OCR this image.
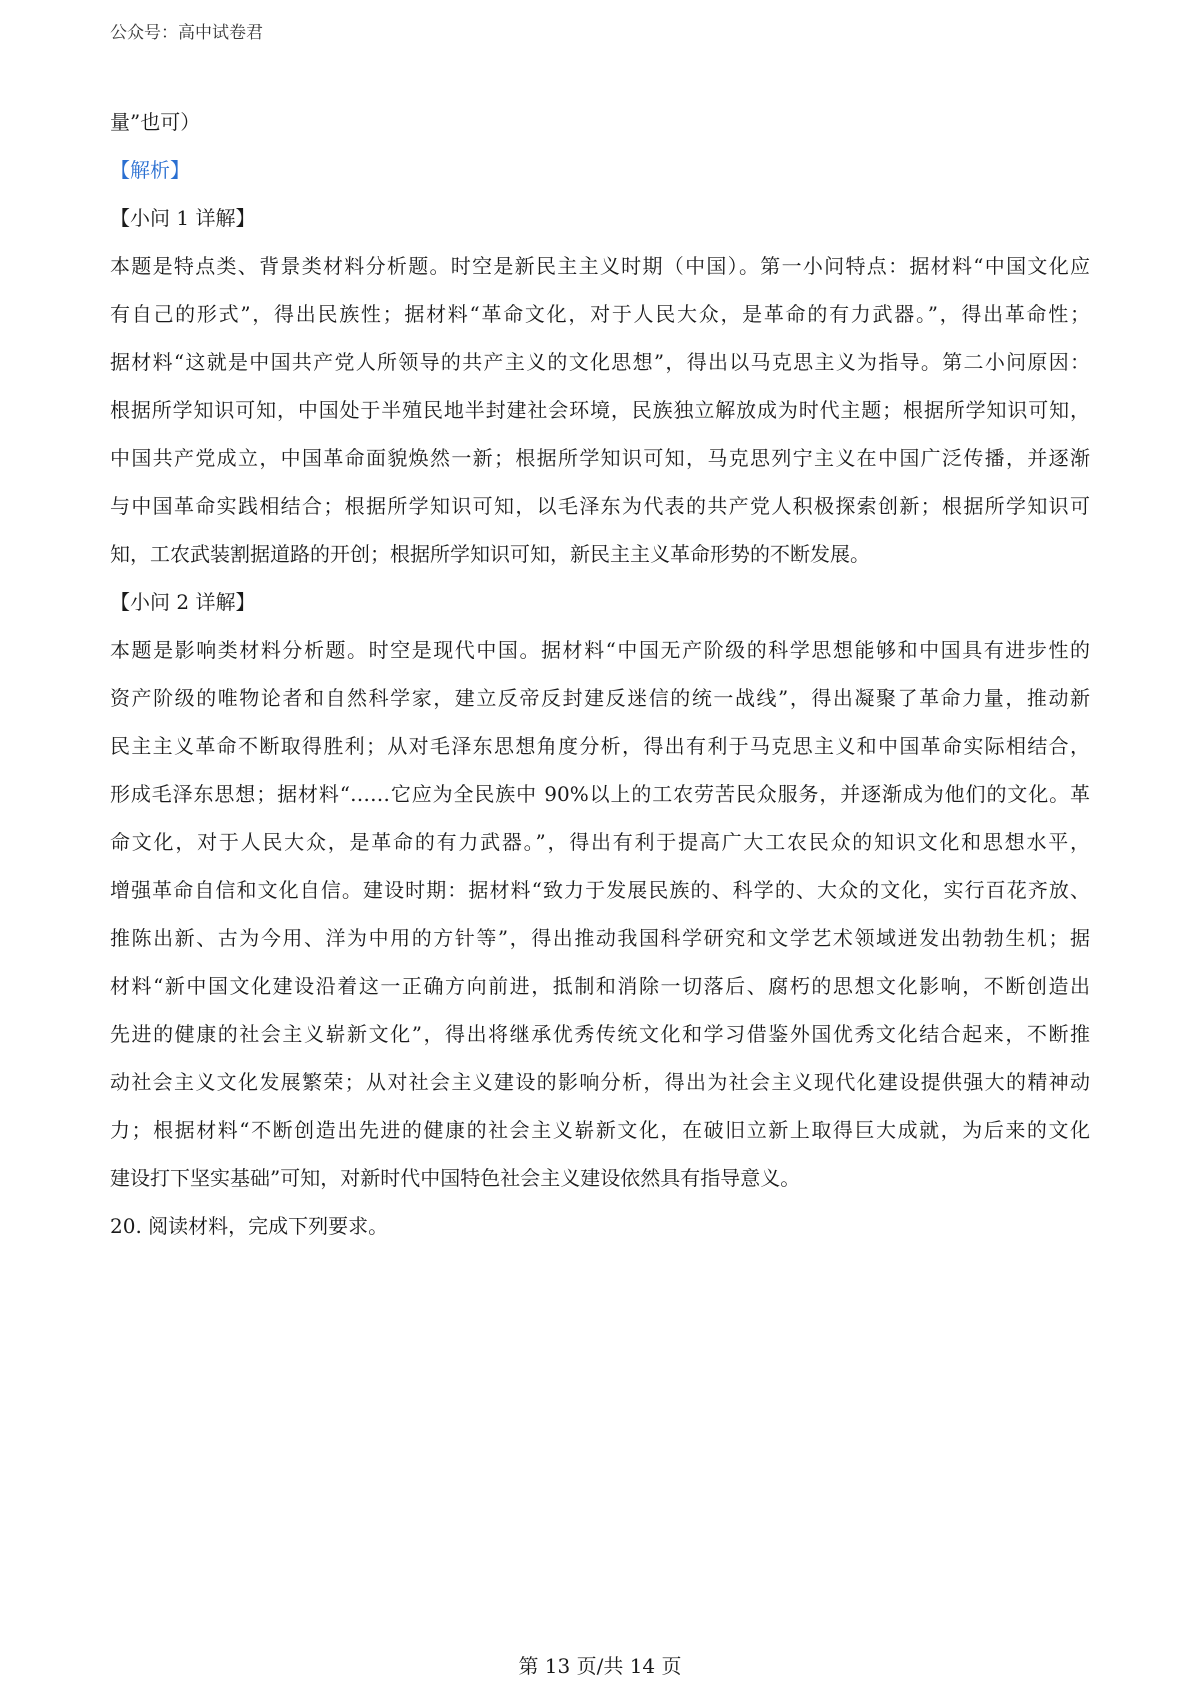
公众号：高中试卷君
量”也可）
【解析】
【小问 1 详解】
本题是特点类、背景类材料分析题。时空是新民主主义时期（中国）。第一小问特点：据材料“中国文化应
有自己的形式”，得出民族性；据材料“革命文化，对于人民大众，是革命的有力武器。”，得出革命性；
据材料“这就是中国共产党人所领导的共产主义的文化思想”，得出以马克思主义为指导。第二小问原因：
根据所学知识可知，中国处于半殖民地半封建社会环境，民族独立解放成为时代主题；根据所学知识可知，
中国共产党成立，中国革命面貌焕然一新；根据所学知识可知，马克思列宁主义在中国广泛传播，并逐渐
与中国革命实践相结合；根据所学知识可知，以毛泽东为代表的共产党人积极探索创新；根据所学知识可
知，工农武装割据道路的开创；根据所学知识可知，新民主主义革命形势的不断发展。
【小问 2 详解】
本题是影响类材料分析题。时空是现代中国。据材料“中国无产阶级的科学思想能够和中国具有进步性的
资产阶级的唯物论者和自然科学家，建立反帝反封建反迷信的统一战线”，得出凝聚了革命力量，推动新
民主主义革命不断取得胜利；从对毛泽东思想角度分析，得出有利于马克思主义和中国革命实际相结合，
形成毛泽东思想；据材料“……它应为全民族中 90%以上的工农劳苦民众服务，并逐渐成为他们的文化。革
命文化，对于人民大众，是革命的有力武器。”，得出有利于提高广大工农民众的知识文化和思想水平，
增强革命自信和文化自信。建设时期：据材料“致力于发展民族的、科学的、大众的文化，实行百花齐放、
推陈出新、古为今用、洋为中用的方针等”，得出推动我国科学研究和文学艺术领域迸发出勃勃生机；据
材料“新中国文化建设沿着这一正确方向前进，抵制和消除一切落后、腐朽的思想文化影响，不断创造出
先进的健康的社会主义崭新文化”，得出将继承优秀传统文化和学习借鉴外国优秀文化结合起来，不断推
动社会主义文化发展繁荣；从对社会主义建设的影响分析，得出为社会主义现代化建设提供强大的精神动
力；根据材料“不断创造出先进的健康的社会主义崭新文化，在破旧立新上取得巨大成就，为后来的文化
建设打下坚实基础”可知，对新时代中国特色社会主义建设依然具有指导意义。
20. 阅读材料，完成下列要求。
第 13 页/共 14 页
